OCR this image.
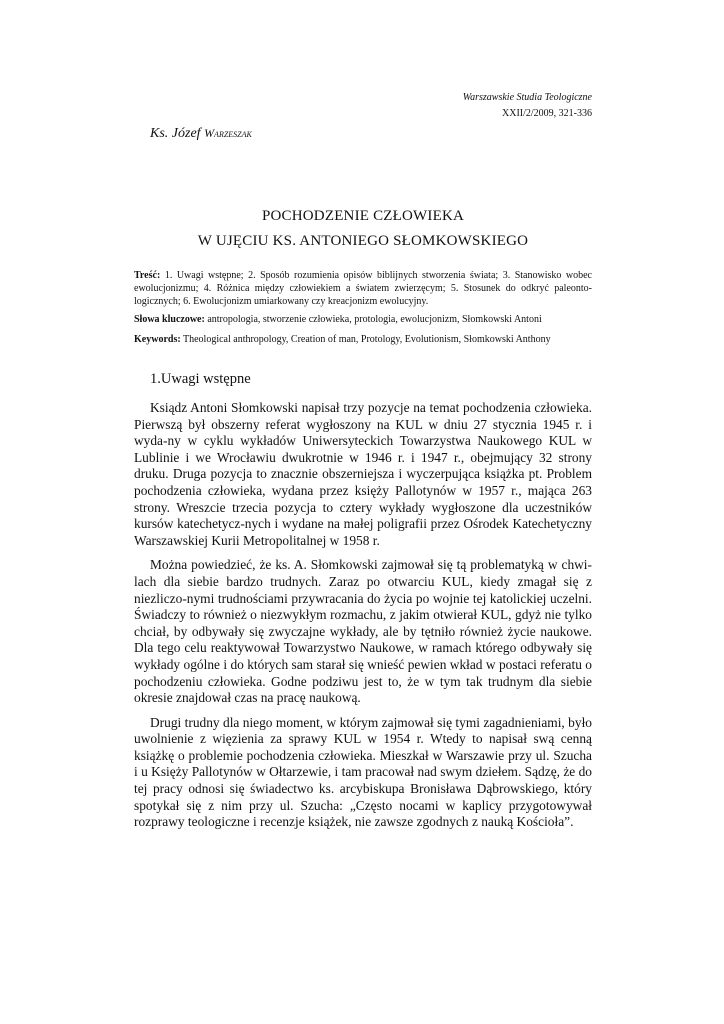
Warszawskie Studia Teologiczne
XXII/2/2009, 321-336
Ks. Józef Warzeszak
POCHODZENIE CZŁOWIEKA
W UJĘCIU KS. ANTONIEGO SŁOMKOWSKIEGO

Treść: 1. Uwagi wstępne; 2. Sposób rozumienia opisów biblijnych stworzenia świata; 3. Stanowisko wobec ewolucjonizmu; 4. Różnica między człowiekiem a światem zwierzęcym; 5. Stosunek do odkryć paleonto-logicznych; 6. Ewolucjonizm umiarkowany czy kreacjonizm ewolucyjny.

Słowa kluczowe: antropologia, stworzenie człowieka, protologia, ewolucjonizm, Słomkowski Antoni

Keywords: Theological anthropology, Creation of man, Protology, Evolutionism, Słomkowski Anthony

1.Uwagi wstępne

Ksiądz Antoni Słomkowski napisał trzy pozycje na temat pochodzenia człowieka. Pierwszą był obszerny referat wygłoszony na KUL w dniu 27 stycznia 1945 r. i wyda-ny w cyklu wykładów Uniwersyteckich Towarzystwa Naukowego KUL w Lublinie i we Wrocławiu dwukrotnie w 1946 r. i 1947 r., obejmujący 32 strony druku. Druga pozycja to znacznie obszerniejsza i wyczerpująca książka pt. Problem pochodzenia człowieka, wydana przez księży Pallotynów w 1957 r., mająca 263 strony. Wreszcie trzecia pozycja to cztery wykłady wygłoszone dla uczestników kursów katechetycz-nych i wydane na małej poligrafii przez Ośrodek Katechetyczny Warszawskiej Kurii Metropolitalnej w 1958 r.

Można powiedzieć, że ks. A. Słomkowski zajmował się tą problematyką w chwi-lach dla siebie bardzo trudnych. Zaraz po otwarciu KUL, kiedy zmagał się z niezliczo-nymi trudnościami przywracania do życia po wojnie tej katolickiej uczelni. Świadczy to również o niezwykłym rozmachu, z jakim otwierał KUL, gdyż nie tylko chciał, by odbywały się zwyczajne wykłady, ale by tętniło również życie naukowe. Dla tego celu reaktywował Towarzystwo Naukowe, w ramach którego odbywały się wykłady ogólne i do których sam starał się wnieść pewien wkład w postaci referatu o pochodzeniu człowieka. Godne podziwu jest to, że w tym tak trudnym dla siebie okresie znajdował czas na pracę naukową.

Drugi trudny dla niego moment, w którym zajmował się tymi zagadnieniami, było uwolnienie z więzienia za sprawy KUL w 1954 r. Wtedy to napisał swą cenną książkę o problemie pochodzenia człowieka. Mieszkał w Warszawie przy ul. Szucha i u Księży Pallotynów w Ołtarzewie, i tam pracował nad swym dziełem. Sądzę, że do tej pracy odnosi się świadectwo ks. arcybiskupa Bronisława Dąbrowskiego, który spotykał się z nim przy ul. Szucha: „Często nocami w kaplicy przygotowywał rozprawy teologiczne i recenzje książek, nie zawsze zgodnych z nauką Kościoła”.
